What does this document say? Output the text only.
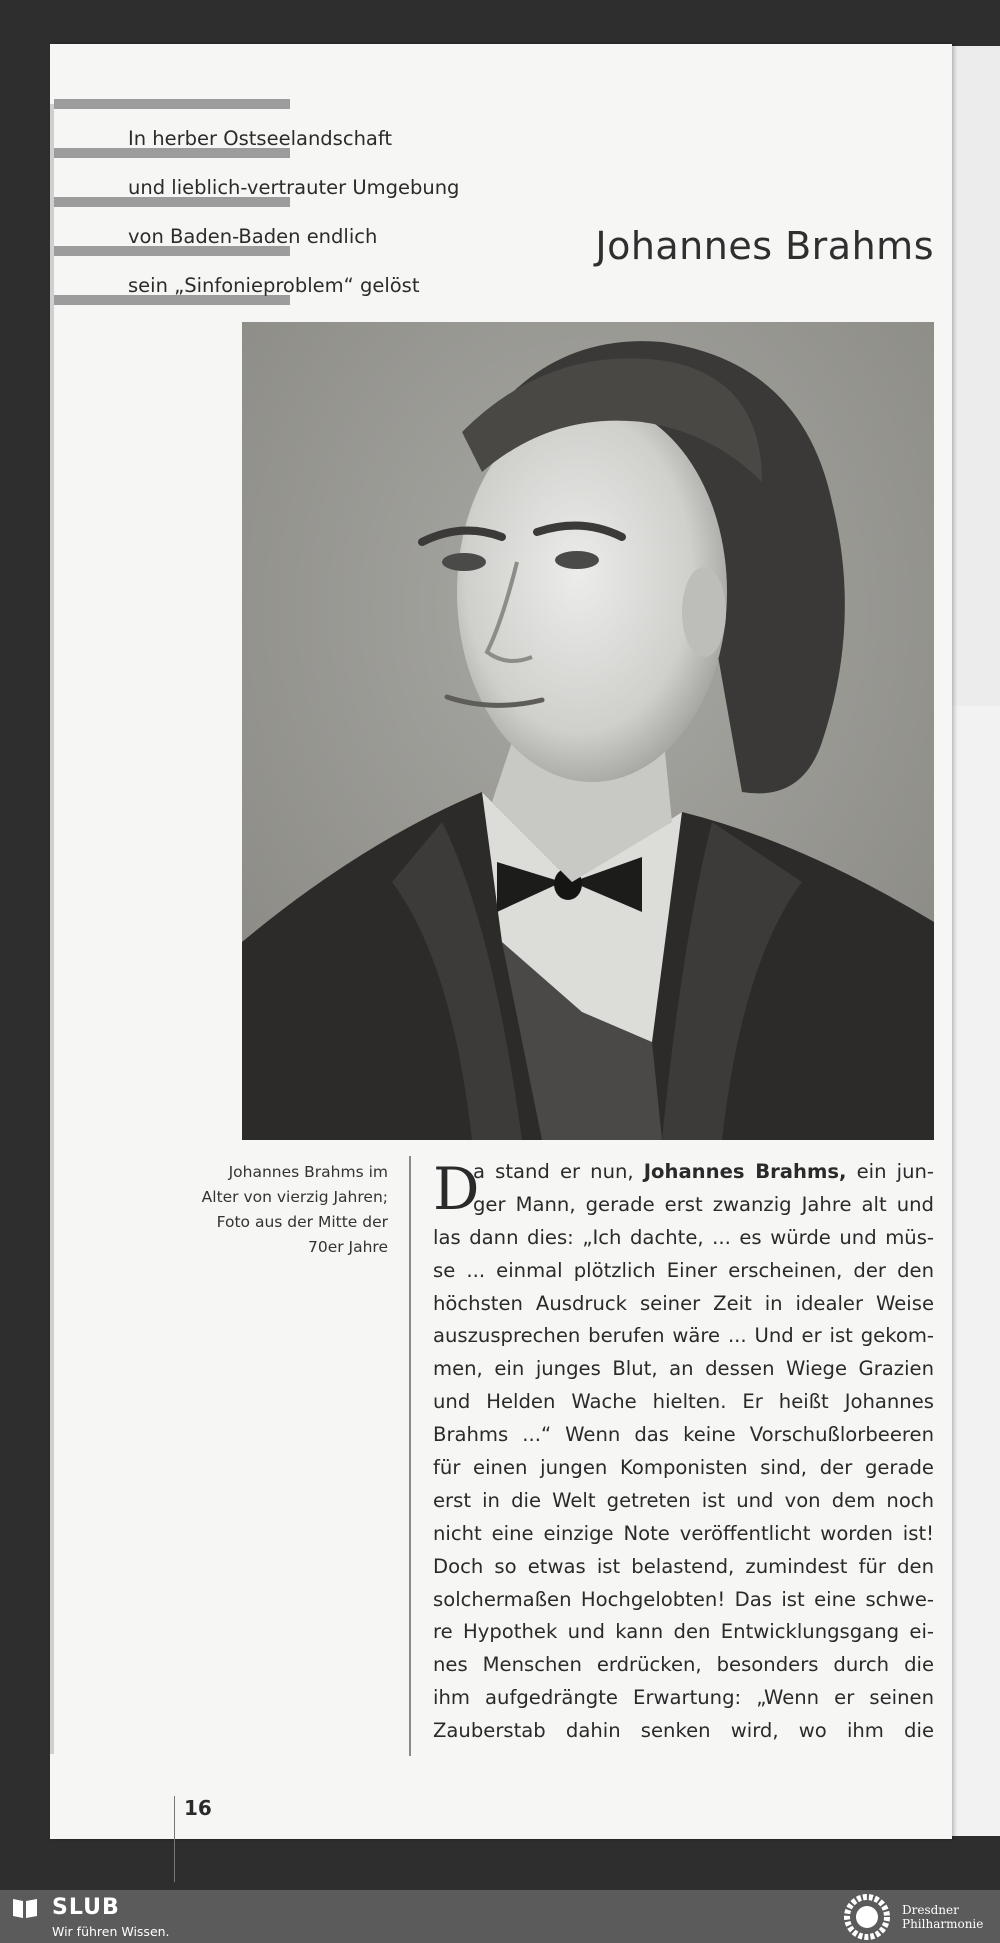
In herber Ostseelandschaft
und lieblich-vertrauter Umgebung
von Baden-Baden endlich
sein „Sinfonieproblem“ gelöst
Johannes Brahms
Johannes Brahms im
Alter von vierzig Jahren;
Foto aus der Mitte der
70er Jahre
D
a stand er nun, Johannes Brahms, ein jun-
ger Mann, gerade erst zwanzig Jahre alt und
las dann dies: „Ich dachte, ... es würde und müs-
se ... einmal plötzlich Einer erscheinen, der den
höchsten Ausdruck seiner Zeit in idealer Weise
auszusprechen berufen wäre ... Und er ist gekom-
men, ein junges Blut, an dessen Wiege Grazien
und Helden Wache hielten. Er heißt Johannes
Brahms ...“ Wenn das keine Vorschußlorbeeren
für einen jungen Komponisten sind, der gerade
erst in die Welt getreten ist und von dem noch
nicht eine einzige Note veröffentlicht worden ist!
Doch so etwas ist belastend, zumindest für den
solchermaßen Hochgelobten! Das ist eine schwe-
re Hypothek und kann den Entwicklungsgang ei-
nes Menschen erdrücken, besonders durch die
ihm aufgedrängte Erwartung: „Wenn er seinen
Zauberstab dahin senken wird, wo ihm die
16
SLUB
Wir führen Wissen.
Dresdner
Philharmonie
